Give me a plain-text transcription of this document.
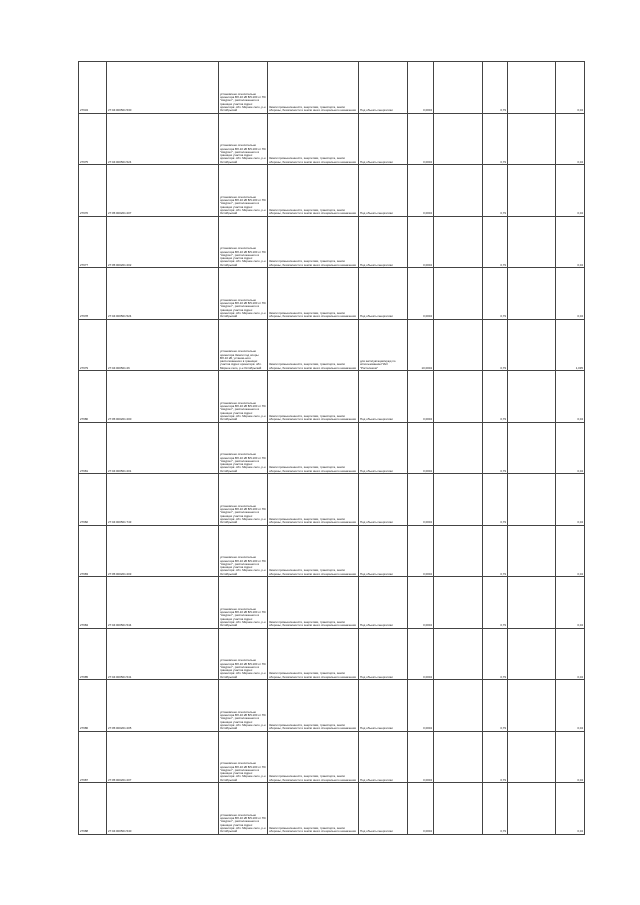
27634	27:04:000501:530	установлено относительно ориентира ВЛ-10 кВ ВЛ-100 от ПС "Амурзет", расположенного в границах участка Адрес ориентира: обл. Мирное село, р-н Октябрьский	Земли промышленности, энергетики, транспорта, земли обороны, безопасности и земли иного специального назначения	Под объекты энергетики	0,0004		0,79		0,04
27675	27:04:000501:524	установлено относительно ориентира ВЛ-10 кВ ВЛ-100 от ПС "Амурзет", расположенного в границах участка Адрес ориентира: обл. Мирное село, р-н Октябрьский	Земли промышленности, энергетики, транспорта, земли обороны, безопасности и земли иного специального назначения	Под объекты энергетики	0,0004		0,79		0,04
27676	27:05:000201:207	установлено относительно ориентира ВЛ-10 кВ ВЛ-100 от ПС "Амурзет", расположенного в границах участка Адрес ориентира: обл. Мирное село, р-н Октябрьский	Земли промышленности, энергетики, транспорта, земли обороны, безопасности и земли иного специального назначения	Под объекты энергетики	0,0004		0,79		0,04
27677	27:05:000201:202	установлено относительно ориентира ВЛ-10 кВ ВЛ-100 от ПС "Амурзет", расположенного в границах участка Адрес ориентира: обл. Мирное село, р-н Октябрьский	Земли промышленности, энергетики, транспорта, земли обороны, безопасности и земли иного специального назначения	Под объекты энергетики	0,0004		0,79		0,04
27678	27:04:000501:524	установлено относительно ориентира ВЛ-10 кВ ВЛ-100 от ПС "Амурзет", расположенного в границах участка Адрес ориентира: обл. Мирное село, р-н Октябрьский	Земли промышленности, энергетики, транспорта, земли обороны, безопасности и земли иного специального назначения	Под объекты энергетики	0,0004		0,79		0,04
27679	27:04:000501:26	установлено относительно ориентира Земли под опоры ВЛ-10 кВ, установ-ного расположенного в границах участка Адрес ориентира: обл. Мирное село, р-н Октябрьский	Земли промышленности, энергетики, транспорта, земли обороны, безопасности и земли иного специального назначения	для эксплуатации/нужд по использованию ПАО "Ростелеком"	10,0004		0,79		1,035
27680	27:05:000201:200	установлено относительно ориентира ВЛ-10 кВ ВЛ-100 от ПС "Амурзет", расположенного в границах участка Адрес ориентира: обл. Мирное село, р-н Октябрьский	Земли промышленности, энергетики, транспорта, земли обороны, безопасности и земли иного специального назначения	Под объекты энергетики	0,0004		0,79		0,04
27681	27:04:000501:201	установлено относительно ориентира ВЛ-10 кВ ВЛ-100 от ПС "Амурзет", расположенного в границах участка Адрес ориентира: обл. Мирное село, р-н Октябрьский	Земли промышленности, энергетики, транспорта, земли обороны, безопасности и земли иного специального назначения	Под объекты энергетики	0,0004		0,79		0,04
27682	27:04:000501:743	установлено относительно ориентира ВЛ-10 кВ ВЛ-100 от ПС "Амурзет", расположенного в границах участка Адрес ориентира: обл. Мирное село, р-н Октябрьский	Земли промышленности, энергетики, транспорта, земли обороны, безопасности и земли иного специального назначения	Под объекты энергетики	0,0004		0,79		0,04
27683	27:05:000201:203	установлено относительно ориентира ВЛ-10 кВ ВЛ-100 от ПС "Амурзет", расположенного в границах участка Адрес ориентира: обл. Мирное село, р-н Октябрьский	Земли промышленности, энергетики, транспорта, земли обороны, безопасности и земли иного специального назначения	Под объекты энергетики	0,0004		0,79		0,04
27684	27:04:000501:544	установлено относительно ориентира ВЛ-10 кВ ВЛ-100 от ПС "Амурзет", расположенного в границах участка Адрес ориентира: обл. Мирное село, р-н Октябрьский	Земли промышленности, энергетики, транспорта, земли обороны, безопасности и земли иного специального назначения	Под объекты энергетики	0,0004		0,79		0,04
27685	27:04:000501:541	установлено относительно ориентира ВЛ-10 кВ ВЛ-100 от ПС "Амурзет", расположенного в границах участка Адрес ориентира: обл. Мирное село, р-н Октябрьский	Земли промышленности, энергетики, транспорта, земли обороны, безопасности и земли иного специального назначения	Под объекты энергетики	0,0004		0,79		0,04
27686	27:05:000201:205	установлено относительно ориентира ВЛ-10 кВ ВЛ-100 от ПС "Амурзет", расположенного в границах участка Адрес ориентира: обл. Мирное село, р-н Октябрьский	Земли промышленности, энергетики, транспорта, земли обороны, безопасности и земли иного специального назначения	Под объекты энергетики	0,0004		0,79		0,04
27687	27:05:000201:207	установлено относительно ориентира ВЛ-10 кВ ВЛ-100 от ПС "Амурзет", расположенного в границах участка Адрес ориентира: обл. Мирное село, р-н Октябрьский	Земли промышленности, энергетики, транспорта, земли обороны, безопасности и земли иного специального назначения	Под объекты энергетики	0,0004		0,79		0,04
27688	27:04:000501:540	установлено относительно ориентира ВЛ-10 кВ ВЛ-100 от ПС "Амурзет", расположенного в границах участка Адрес ориентира: обл. Мирное село, р-н Октябрьский	Земли промышленности, энергетики, транспорта, земли обороны, безопасности и земли иного специального назначения	Под объекты энергетики	0,0004		0,79		0,04
